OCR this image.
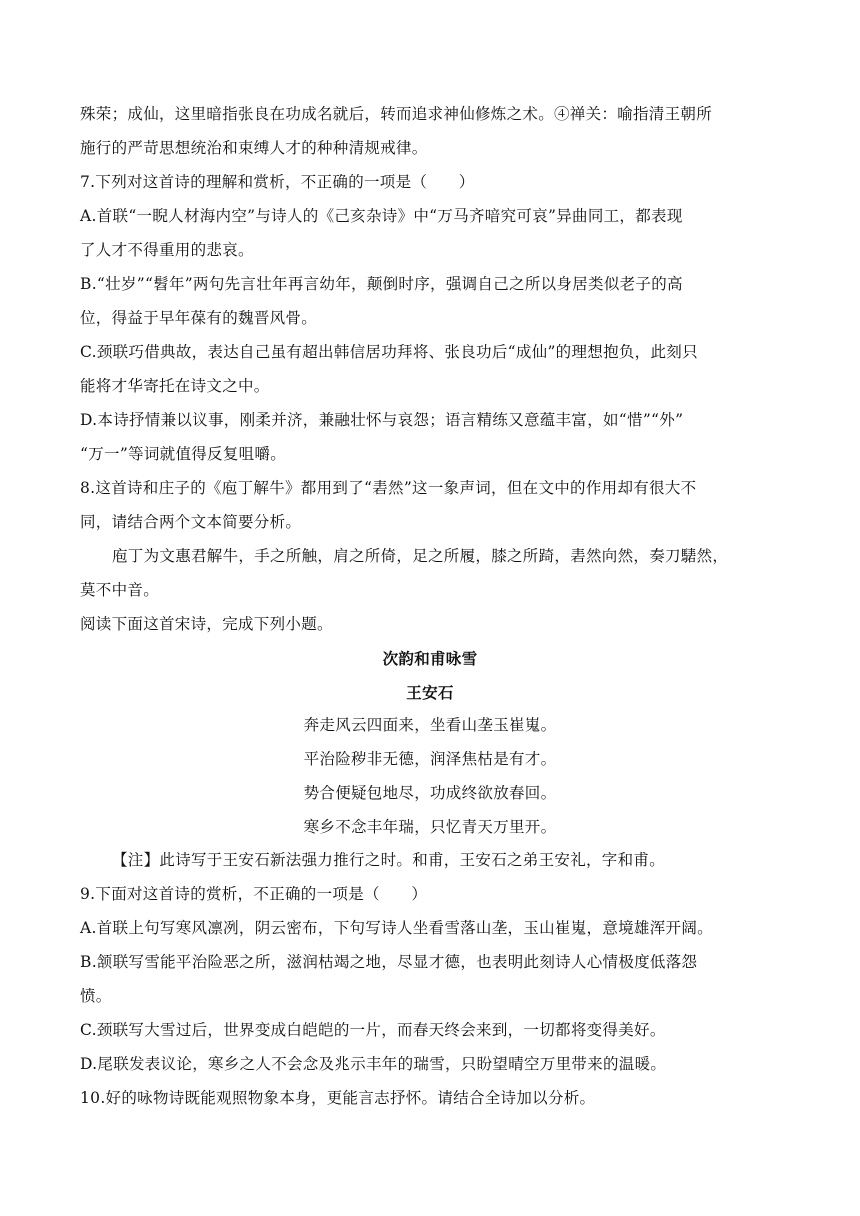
殊荣；成仙，这里暗指张良在功成名就后，转而追求神仙修炼之术。④禅关：喻指清王朝所
施行的严苛思想统治和束缚人才的种种清规戒律。
7.下列对这首诗的理解和赏析，不正确的一项是（　　）
A.首联“一睨人材海内空”与诗人的《己亥杂诗》中“万马齐喑究可哀”异曲同工，都表现
了人才不得重用的悲哀。
B.“壮岁”“髫年”两句先言壮年再言幼年，颠倒时序，强调自己之所以身居类似老子的高
位，得益于早年葆有的魏晋风骨。
C.颈联巧借典故，表达自己虽有超出韩信居功拜将、张良功后“成仙”的理想抱负，此刻只
能将才华寄托在诗文之中。
D.本诗抒情兼以议事，刚柔并济，兼融壮怀与哀怨；语言精练又意蕴丰富，如“惜”“外”
“万一”等词就值得反复咀嚼。
8.这首诗和庄子的《庖丁解牛》都用到了“砉然”这一象声词，但在文中的作用却有很大不
同，请结合两个文本简要分析。
庖丁为文惠君解牛，手之所触，肩之所倚，足之所履，膝之所踦，砉然向然，奏刀騞然，
莫不中音。
阅读下面这首宋诗，完成下列小题。
次韵和甫咏雪
王安石
奔走风云四面来，坐看山垄玉崔嵬。
平治险秽非无德，润泽焦枯是有才。
势合便疑包地尽，功成终欲放春回。
寒乡不念丰年瑞，只忆青天万里开。
【注】此诗写于王安石新法强力推行之时。和甫，王安石之弟王安礼，字和甫。
9.下面对这首诗的赏析，不正确的一项是（　　）
A.首联上句写寒风凛冽，阴云密布，下句写诗人坐看雪落山垄，玉山崔嵬，意境雄浑开阔。
B.颔联写雪能平治险恶之所，滋润枯竭之地，尽显才德，也表明此刻诗人心情极度低落怨
愤。
C.颈联写大雪过后，世界变成白皑皑的一片，而春天终会来到，一切都将变得美好。
D.尾联发表议论，寒乡之人不会念及兆示丰年的瑞雪，只盼望晴空万里带来的温暖。
10.好的咏物诗既能观照物象本身，更能言志抒怀。请结合全诗加以分析。
